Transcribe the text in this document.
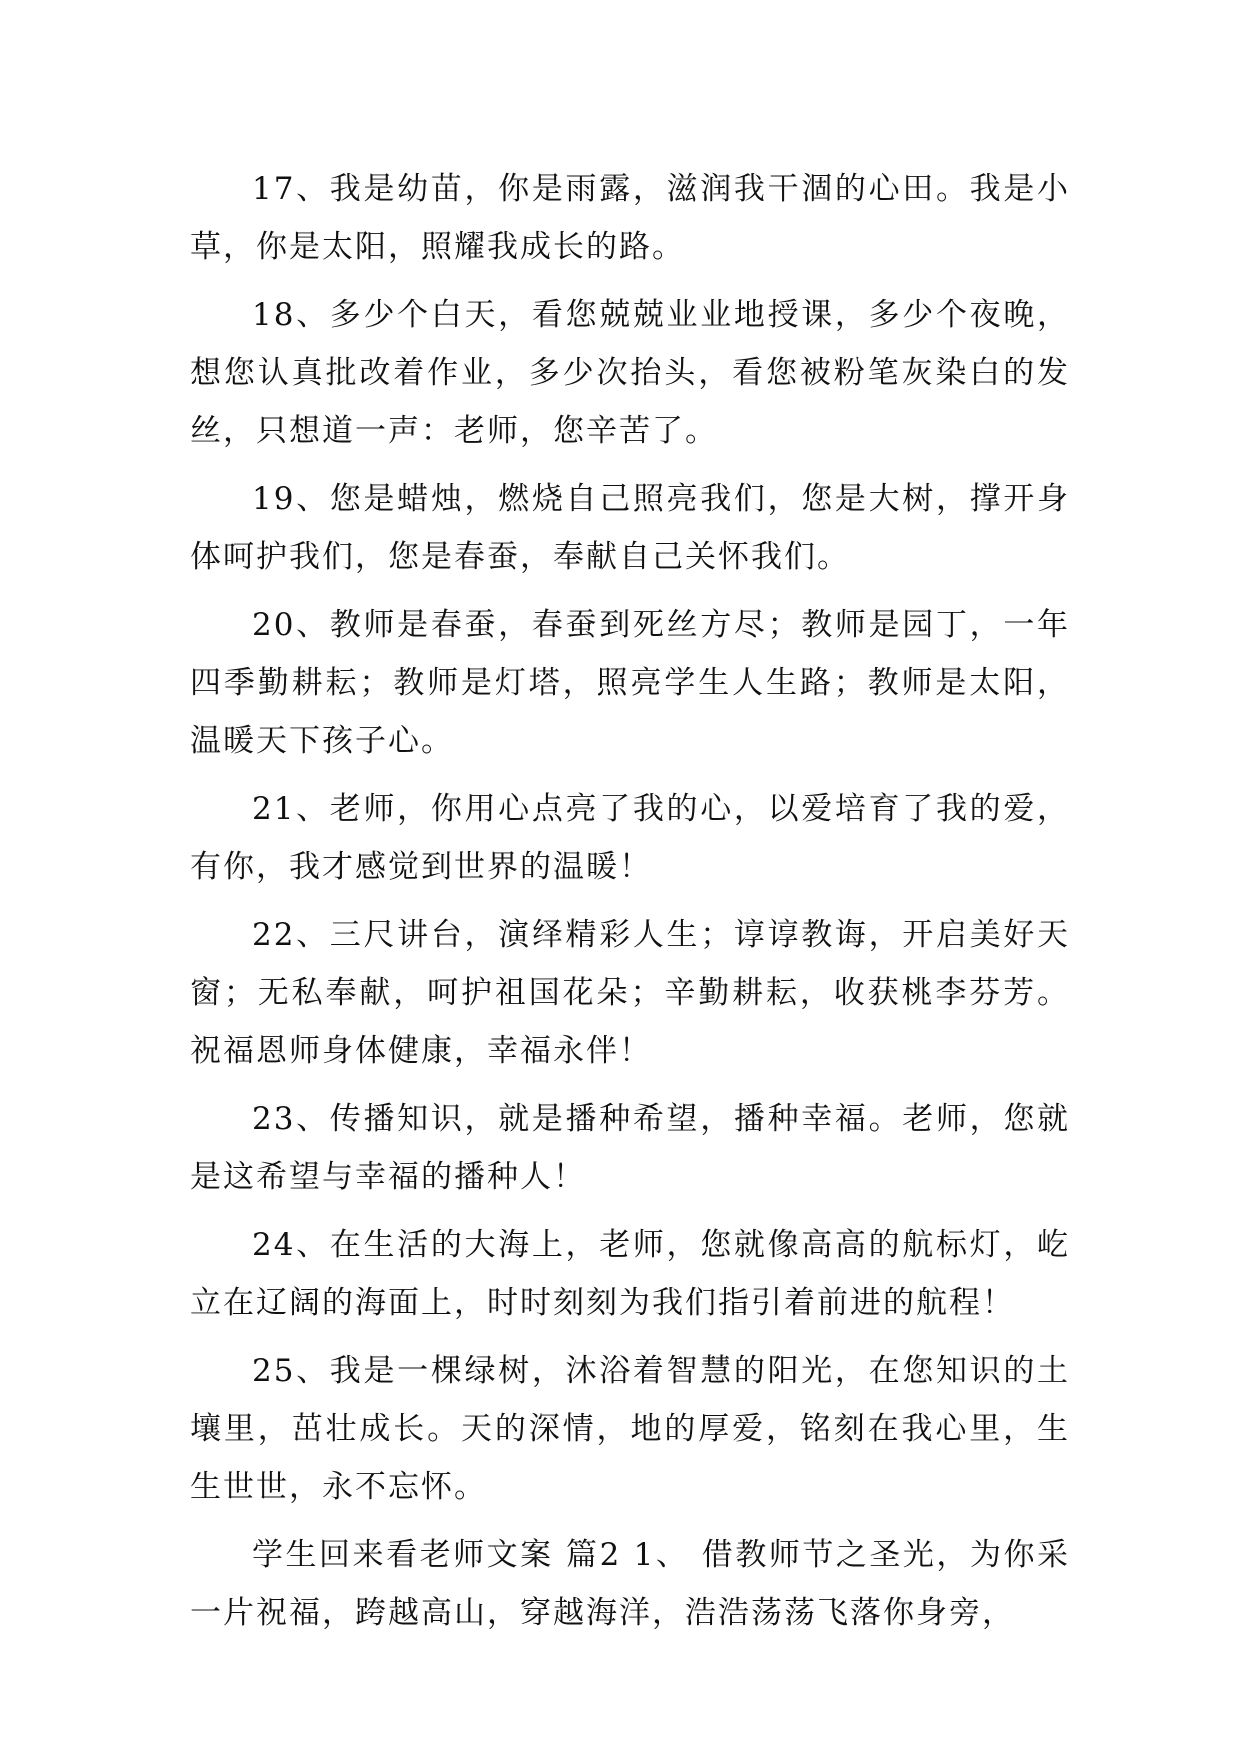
17、我是幼苗，你是雨露，滋润我干涸的心田。我是小草，你是太阳，照耀我成长的路。

18、多少个白天，看您兢兢业业地授课，多少个夜晚，想您认真批改着作业，多少次抬头，看您被粉笔灰染白的发丝，只想道一声：老师，您辛苦了。

19、您是蜡烛，燃烧自己照亮我们，您是大树，撑开身体呵护我们，您是春蚕，奉献自己关怀我们。

20、教师是春蚕，春蚕到死丝方尽；教师是园丁，一年四季勤耕耘；教师是灯塔，照亮学生人生路；教师是太阳，温暖天下孩子心。

21、老师，你用心点亮了我的心，以爱培育了我的爱，有你，我才感觉到世界的温暖！

22、三尺讲台，演绎精彩人生；谆谆教诲，开启美好天窗；无私奉献，呵护祖国花朵；辛勤耕耘，收获桃李芬芳。祝福恩师身体健康，幸福永伴！

23、传播知识，就是播种希望，播种幸福。老师，您就是这希望与幸福的播种人！

24、在生活的大海上，老师，您就像高高的航标灯，屹立在辽阔的海面上，时时刻刻为我们指引着前进的航程！

25、我是一棵绿树，沐浴着智慧的阳光，在您知识的土壤里，茁壮成长。天的深情，地的厚爱，铭刻在我心里，生生世世，永不忘怀。

学生回来看老师文案 篇2 1、 借教师节之圣光，为你采一片祝福，跨越高山，穿越海洋，浩浩荡荡飞落你身旁，
